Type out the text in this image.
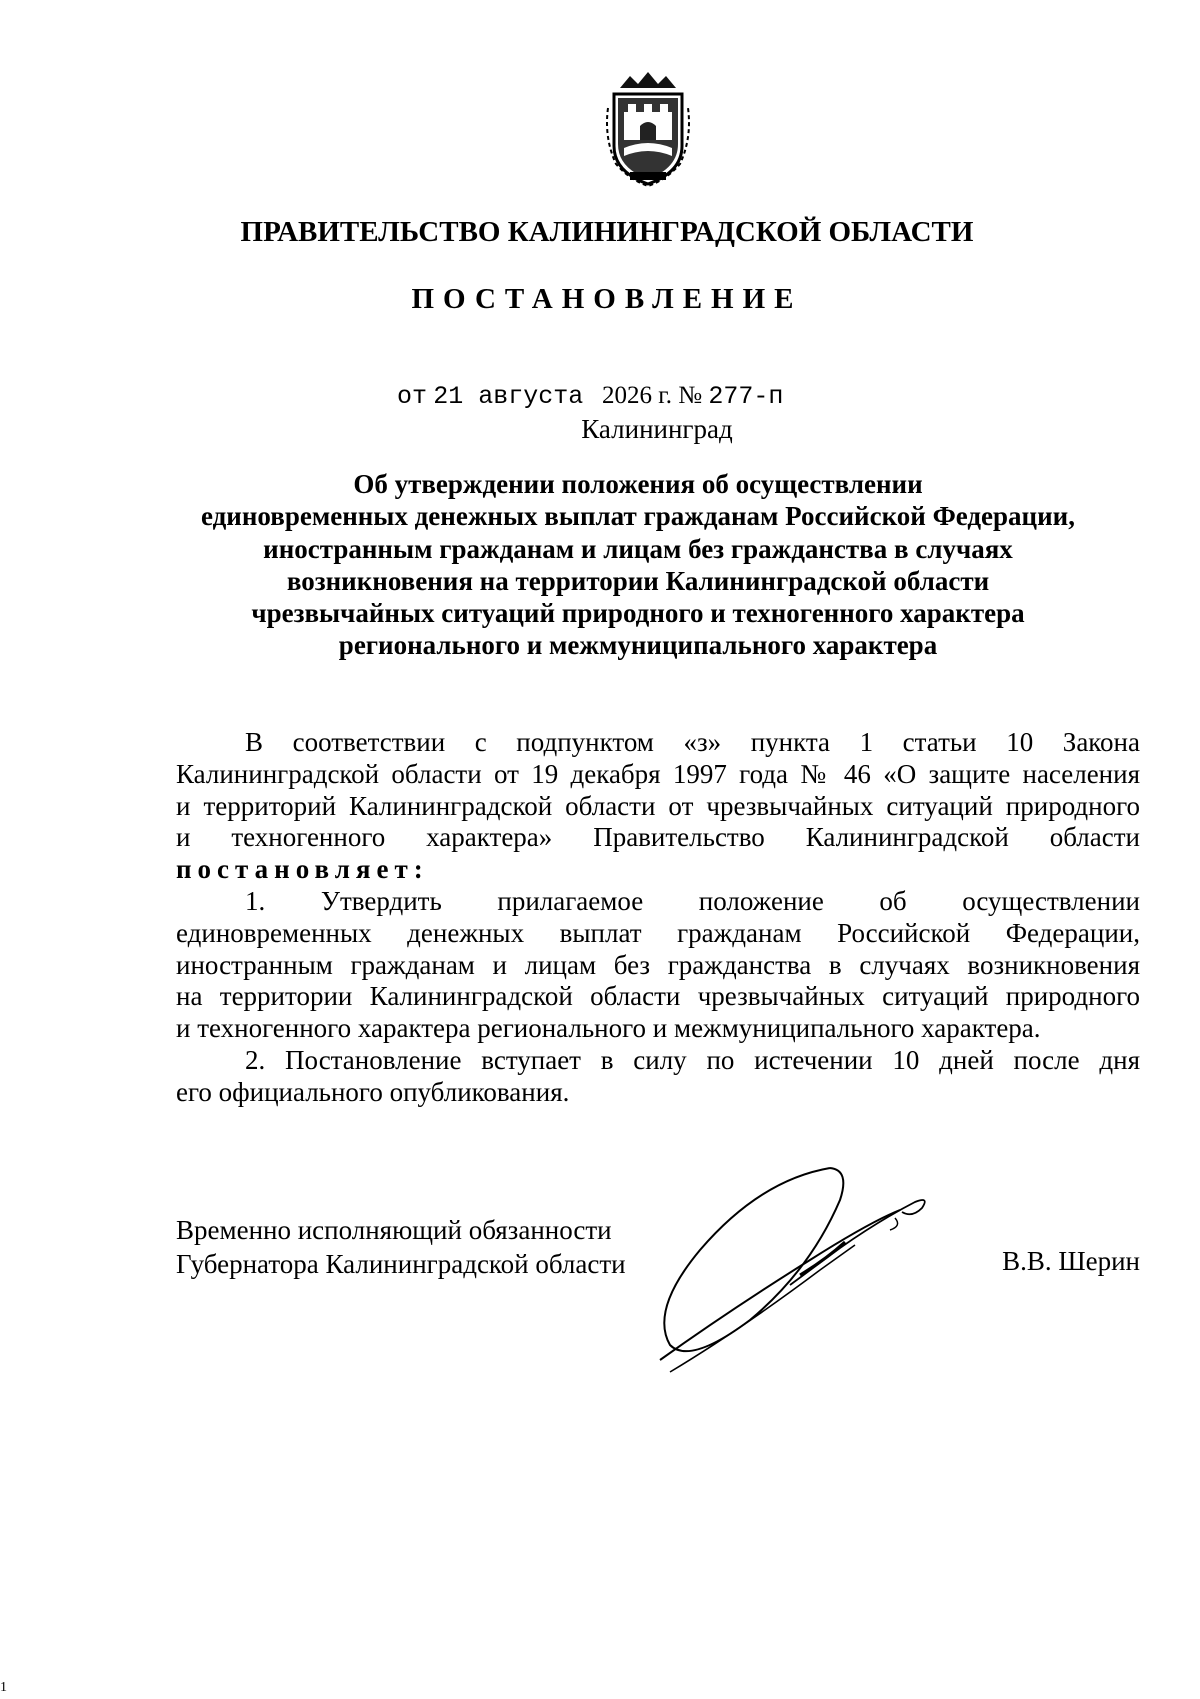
ПРАВИТЕЛЬСТВО КАЛИНИНГРАДСКОЙ ОБЛАСТИ
ПОСТАНОВЛЕНИЕ
от 21 августа 2026 г. № 277-п
Калининград
Об утверждении положения об осуществлении
единовременных денежных выплат гражданам Российской Федерации,
иностранным гражданам и лицам без гражданства в случаях
возникновения на территории Калининградской области
чрезвычайных ситуаций природного и техногенного характера
регионального и межмуниципального характера
В соответствии с подпунктом «з» пункта 1 статьи 10 Закона
Калининградской области от 19 декабря 1997 года № 46 «О защите населения
и территорий Калининградской области от чрезвычайных ситуаций природного
и техногенного характера» Правительство Калининградской области
постановляет:
1. Утвердить прилагаемое положение об осуществлении
единовременных денежных выплат гражданам Российской Федерации,
иностранным гражданам и лицам без гражданства в случаях возникновения
на территории Калининградской области чрезвычайных ситуаций природного
и техногенного характера регионального и межмуниципального характера.
2. Постановление вступает в силу по истечении 10 дней после дня
его официального опубликования.
Временно исполняющий обязанности
Губернатора Калининградской области	В.В. Шерин
1
